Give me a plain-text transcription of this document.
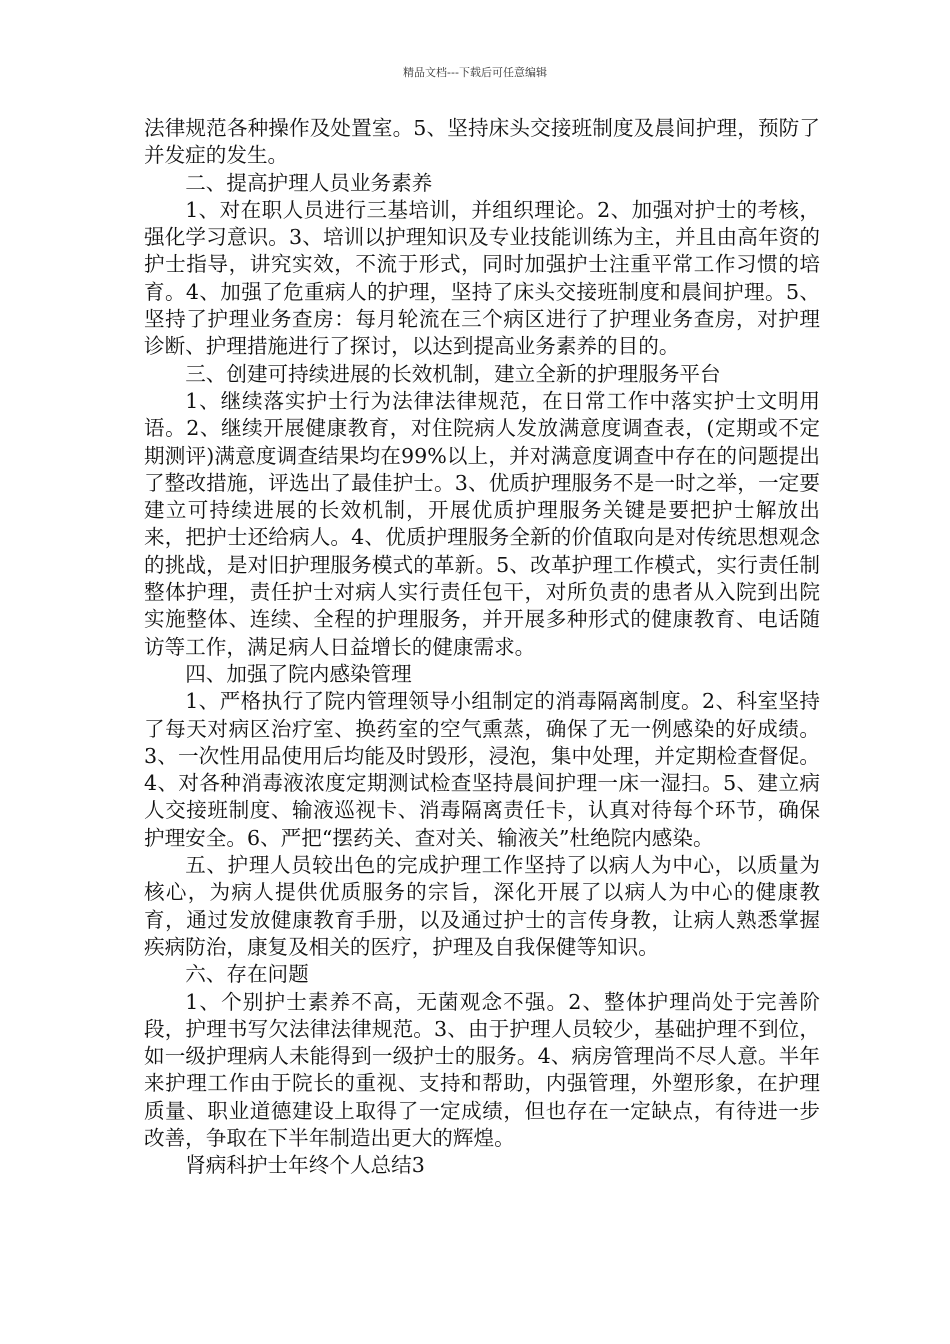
精品文档---下载后可任意编辑

法律规范各种操作及处置室。5、坚持床头交接班制度及晨间护理，预防了并发症的发生。

二、提高护理人员业务素养

1、对在职人员进行三基培训，并组织理论。2、加强对护士的考核，强化学习意识。3、培训以护理知识及专业技能训练为主，并且由高年资的护士指导，讲究实效，不流于形式，同时加强护士注重平常工作习惯的培育。4、加强了危重病人的护理，坚持了床头交接班制度和晨间护理。5、坚持了护理业务查房：每月轮流在三个病区进行了护理业务查房，对护理诊断、护理措施进行了探讨，以达到提高业务素养的目的。

三、创建可持续进展的长效机制，建立全新的护理服务平台

1、继续落实护士行为法律法律规范，在日常工作中落实护士文明用语。2、继续开展健康教育，对住院病人发放满意度调查表，(定期或不定期测评)满意度调查结果均在99%以上，并对满意度调查中存在的问题提出了整改措施，评选出了最佳护士。3、优质护理服务不是一时之举，一定要建立可持续进展的长效机制，开展优质护理服务关键是要把护士解放出来，把护士还给病人。4、优质护理服务全新的价值取向是对传统思想观念的挑战，是对旧护理服务模式的革新。5、改革护理工作模式，实行责任制整体护理，责任护士对病人实行责任包干，对所负责的患者从入院到出院实施整体、连续、全程的护理服务，并开展多种形式的健康教育、电话随访等工作，满足病人日益增长的健康需求。

四、加强了院内感染管理

1、严格执行了院内管理领导小组制定的消毒隔离制度。2、科室坚持了每天对病区治疗室、换药室的空气熏蒸，确保了无一例感染的好成绩。3、一次性用品使用后均能及时毁形，浸泡，集中处理，并定期检查督促。4、对各种消毒液浓度定期测试检查坚持晨间护理一床一湿扫。5、建立病人交接班制度、输液巡视卡、消毒隔离责任卡，认真对待每个环节，确保护理安全。6、严把“摆药关、查对关、输液关”杜绝院内感染。

五、护理人员较出色的完成护理工作坚持了以病人为中心，以质量为核心，为病人提供优质服务的宗旨，深化开展了以病人为中心的健康教育，通过发放健康教育手册，以及通过护士的言传身教，让病人熟悉掌握疾病防治，康复及相关的医疗，护理及自我保健等知识。

六、存在问题

1、个别护士素养不高，无菌观念不强。2、整体护理尚处于完善阶段，护理书写欠法律法律规范。3、由于护理人员较少，基础护理不到位，如一级护理病人未能得到一级护士的服务。4、病房管理尚不尽人意。半年来护理工作由于院长的重视、支持和帮助，内强管理，外塑形象，在护理质量、职业道德建设上取得了一定成绩，但也存在一定缺点，有待进一步改善，争取在下半年制造出更大的辉煌。

肾病科护士年终个人总结3
